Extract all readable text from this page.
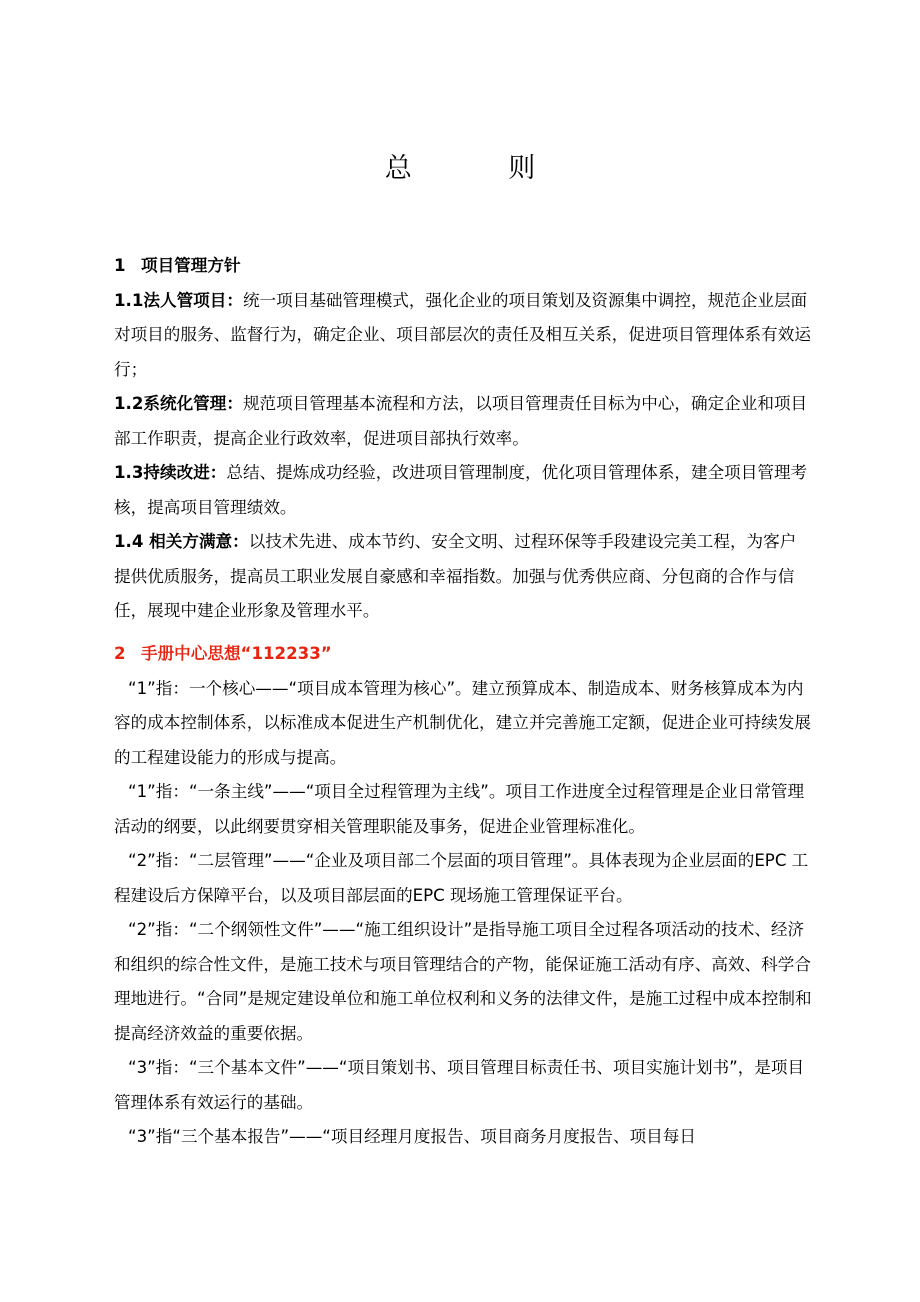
总 则
1 项目管理方针

1.1法人管项目：统一项目基础管理模式，强化企业的项目策划及资源集中调控，规范企业层面对项目的服务、监督行为，确定企业、项目部层次的责任及相互关系，促进项目管理体系有效运行；

1.2系统化管理：规范项目管理基本流程和方法，以项目管理责任目标为中心，确定企业和项目部工作职责，提高企业行政效率，促进项目部执行效率。

1.3持续改进：总结、提炼成功经验，改进项目管理制度，优化项目管理体系，建全项目管理考核，提高项目管理绩效。

1.4 相关方满意：以技术先进、成本节约、安全文明、过程环保等手段建设完美工程，为客户提供优质服务，提高员工职业发展自豪感和幸福指数。加强与优秀供应商、分包商的合作与信任，展现中建企业形象及管理水平。

2 手册中心思想“112233”

“1”指：一个核心——“项目成本管理为核心”。建立预算成本、制造成本、财务核算成本为内容的成本控制体系，以标准成本促进生产机制优化，建立并完善施工定额，促进企业可持续发展的工程建设能力的形成与提高。

“1”指：“一条主线”——“项目全过程管理为主线”。项目工作进度全过程管理是企业日常管理活动的纲要，以此纲要贯穿相关管理职能及事务，促进企业管理标准化。

“2”指：“二层管理”——“企业及项目部二个层面的项目管理”。具体表现为企业层面的EPC 工程建设后方保障平台，以及项目部层面的EPC 现场施工管理保证平台。

“2”指：“二个纲领性文件”——“施工组织设计”是指导施工项目全过程各项活动的技术、经济和组织的综合性文件，是施工技术与项目管理结合的产物，能保证施工活动有序、高效、科学合理地进行。“合同”是规定建设单位和施工单位权利和义务的法律文件，是施工过程中成本控制和提高经济效益的重要依据。

“3”指：“三个基本文件”——“项目策划书、项目管理目标责任书、项目实施计划书”，是项目管理体系有效运行的基础。

“3”指“三个基本报告”——“项目经理月度报告、项目商务月度报告、项目每日
